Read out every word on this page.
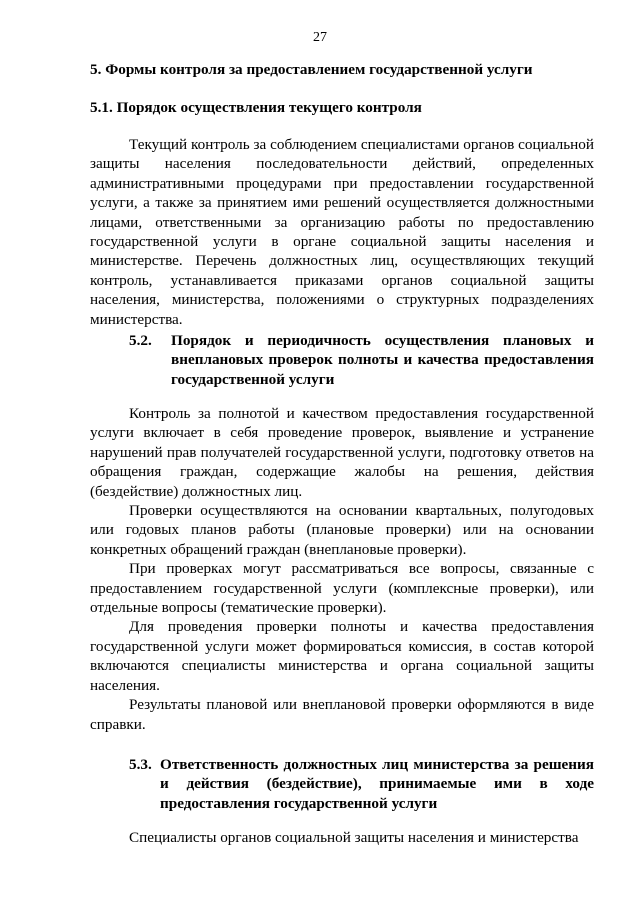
27
5. Формы контроля за предоставлением государственной услуги
5.1. Порядок осуществления текущего контроля
Текущий контроль за соблюдением специалистами органов социальной защиты населения последовательности действий, определенных административными процедурами при предоставлении государственной услуги, а также за принятием ими решений осуществляется должностными лицами, ответственными за организацию работы по предоставлению государственной услуги в органе социальной защиты населения и министерстве. Перечень должностных лиц, осуществляющих текущий контроль, устанавливается приказами органов социальной защиты населения, министерства, положениями о структурных подразделениях министерства.
5.2. Порядок и периодичность осуществления плановых и внеплановых проверок полноты и качества предоставления государственной услуги

Контроль за полнотой и качеством предоставления государственной услуги включает в себя проведение проверок, выявление и устранение нарушений прав получателей государственной услуги, подготовку ответов на обращения граждан, содержащие жалобы на решения, действия (бездействие) должностных лиц.

Проверки осуществляются на основании квартальных, полугодовых или годовых планов работы (плановые проверки) или на основании конкретных обращений граждан (внеплановые проверки).

При проверках могут рассматриваться все вопросы, связанные с предоставлением государственной услуги (комплексные проверки), или отдельные вопросы (тематические проверки).

Для проведения проверки полноты и качества предоставления государственной услуги может формироваться комиссия, в состав которой включаются специалисты министерства и органа социальной защиты населения.

Результаты плановой или внеплановой проверки оформляются в виде справки.

5.3. Ответственность должностных лиц министерства за решения и действия (бездействие), принимаемые ими в ходе предоставления государственной услуги
Специалисты органов социальной защиты населения и министерства
